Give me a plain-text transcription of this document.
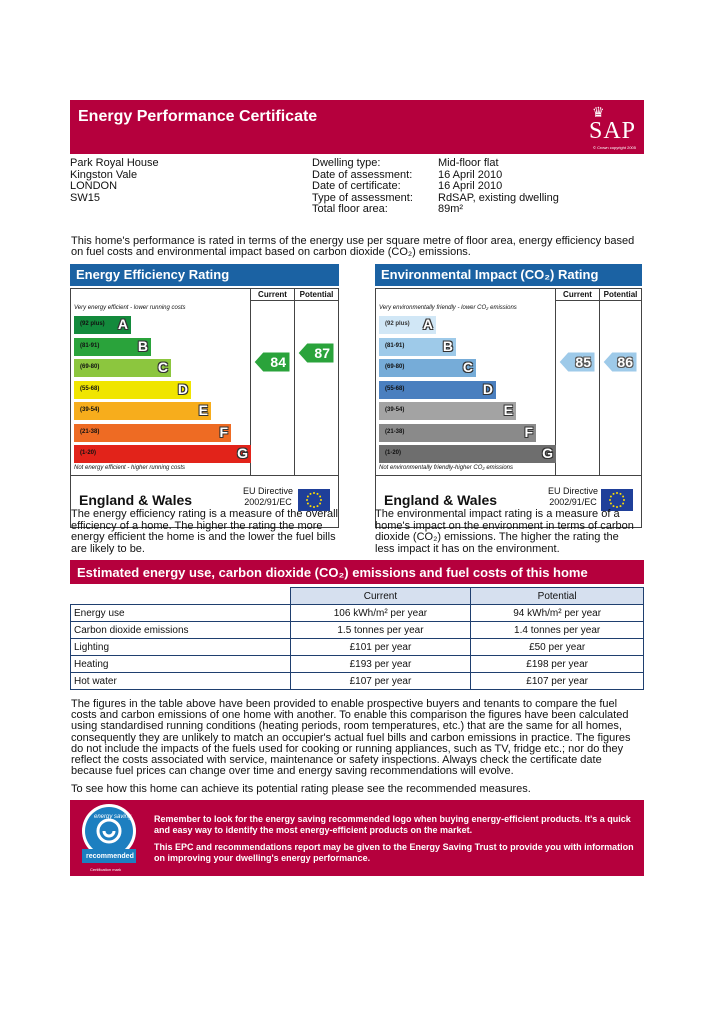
Energy Performance Certificate	♛
SAP
© Crown copyright 2005
Park Royal House
Kingston Vale
LONDON
SW15
Dwelling type:	Mid-floor flat
Date of assessment: 16 April 2010
Date of certificate:	16 April 2010
Type of assessment: RdSAP, existing dwelling
Total floor area:	89m²
This home's performance is rated in terms of the energy use per square metre of floor area, energy efficiency based on fuel costs and environmental impact based on carbon dioxide (CO₂) emissions.
Energy Efficiency Rating
Current	Potential
Very energy efficient - lower running costs
(92 plus) A
(81-91)	B
(69-80)	C
(55-68)	D
(39-54)	E
(21-38)	F
(1-20)	G
Not energy efficient - higher running costs
84
87
England & Wales
EU Directive
2002/91/EC
Environmental Impact (CO₂) Rating
Current	Potential
Very environmentally friendly - lower CO₂ emissions
(92 plus) A
(81-91)	B
(69-80)	C
(55-68)	D
(39-54)	E
(21-38)	F
(1-20)	G
Not environmentally friendly-higher CO₂ emissions
85 86
England & Wales
EU Directive
2002/91/EC
The energy efficiency rating is a measure of the overall efficiency of a home. The higher the rating the more energy efficient the home is and the lower the fuel bills are likely to be.
The environmental impact rating is a measure of a home's impact on the environment in terms of carbon dioxide (CO₂) emissions. The higher the rating the less impact it has on the environment.
Estimated energy use, carbon dioxide (CO₂) emissions and fuel costs of this home
	Current	Potential
Energy use	106 kWh/m² per year	94 kWh/m² per year
Carbon dioxide emissions	1.5 tonnes per year	1.4 tonnes per year
Lighting	£101 per year	£50 per year
Heating	£193 per year	£198 per year
Hot water	£107 per year	£107 per year
The figures in the table above have been provided to enable prospective buyers and tenants to compare the fuel costs and carbon emissions of one home with another. To enable this comparison the figures have been calculated using standardised running conditions (heating periods, room temperatures, etc.) that are the same for all homes, consequently they are unlikely to match an occupier's actual fuel bills and carbon emissions in practice. The figures do not include the impacts of the fuels used for cooking or running appliances, such as TV, fridge etc.; nor do they reflect the costs associated with service, maintenance or safety inspections. Always check the certificate date because fuel prices can change over time and energy saving recommendations will evolve.
To see how this home can achieve its potential rating please see the recommended measures.
energy saving
recommended
Certification mark
Remember to look for the energy saving recommended logo when buying energy-efficient products. It's a quick and easy way to identify the most energy-efficient products on the market.
This EPC and recommendations report may be given to the Energy Saving Trust to provide you with information on improving your dwelling's energy performance.
